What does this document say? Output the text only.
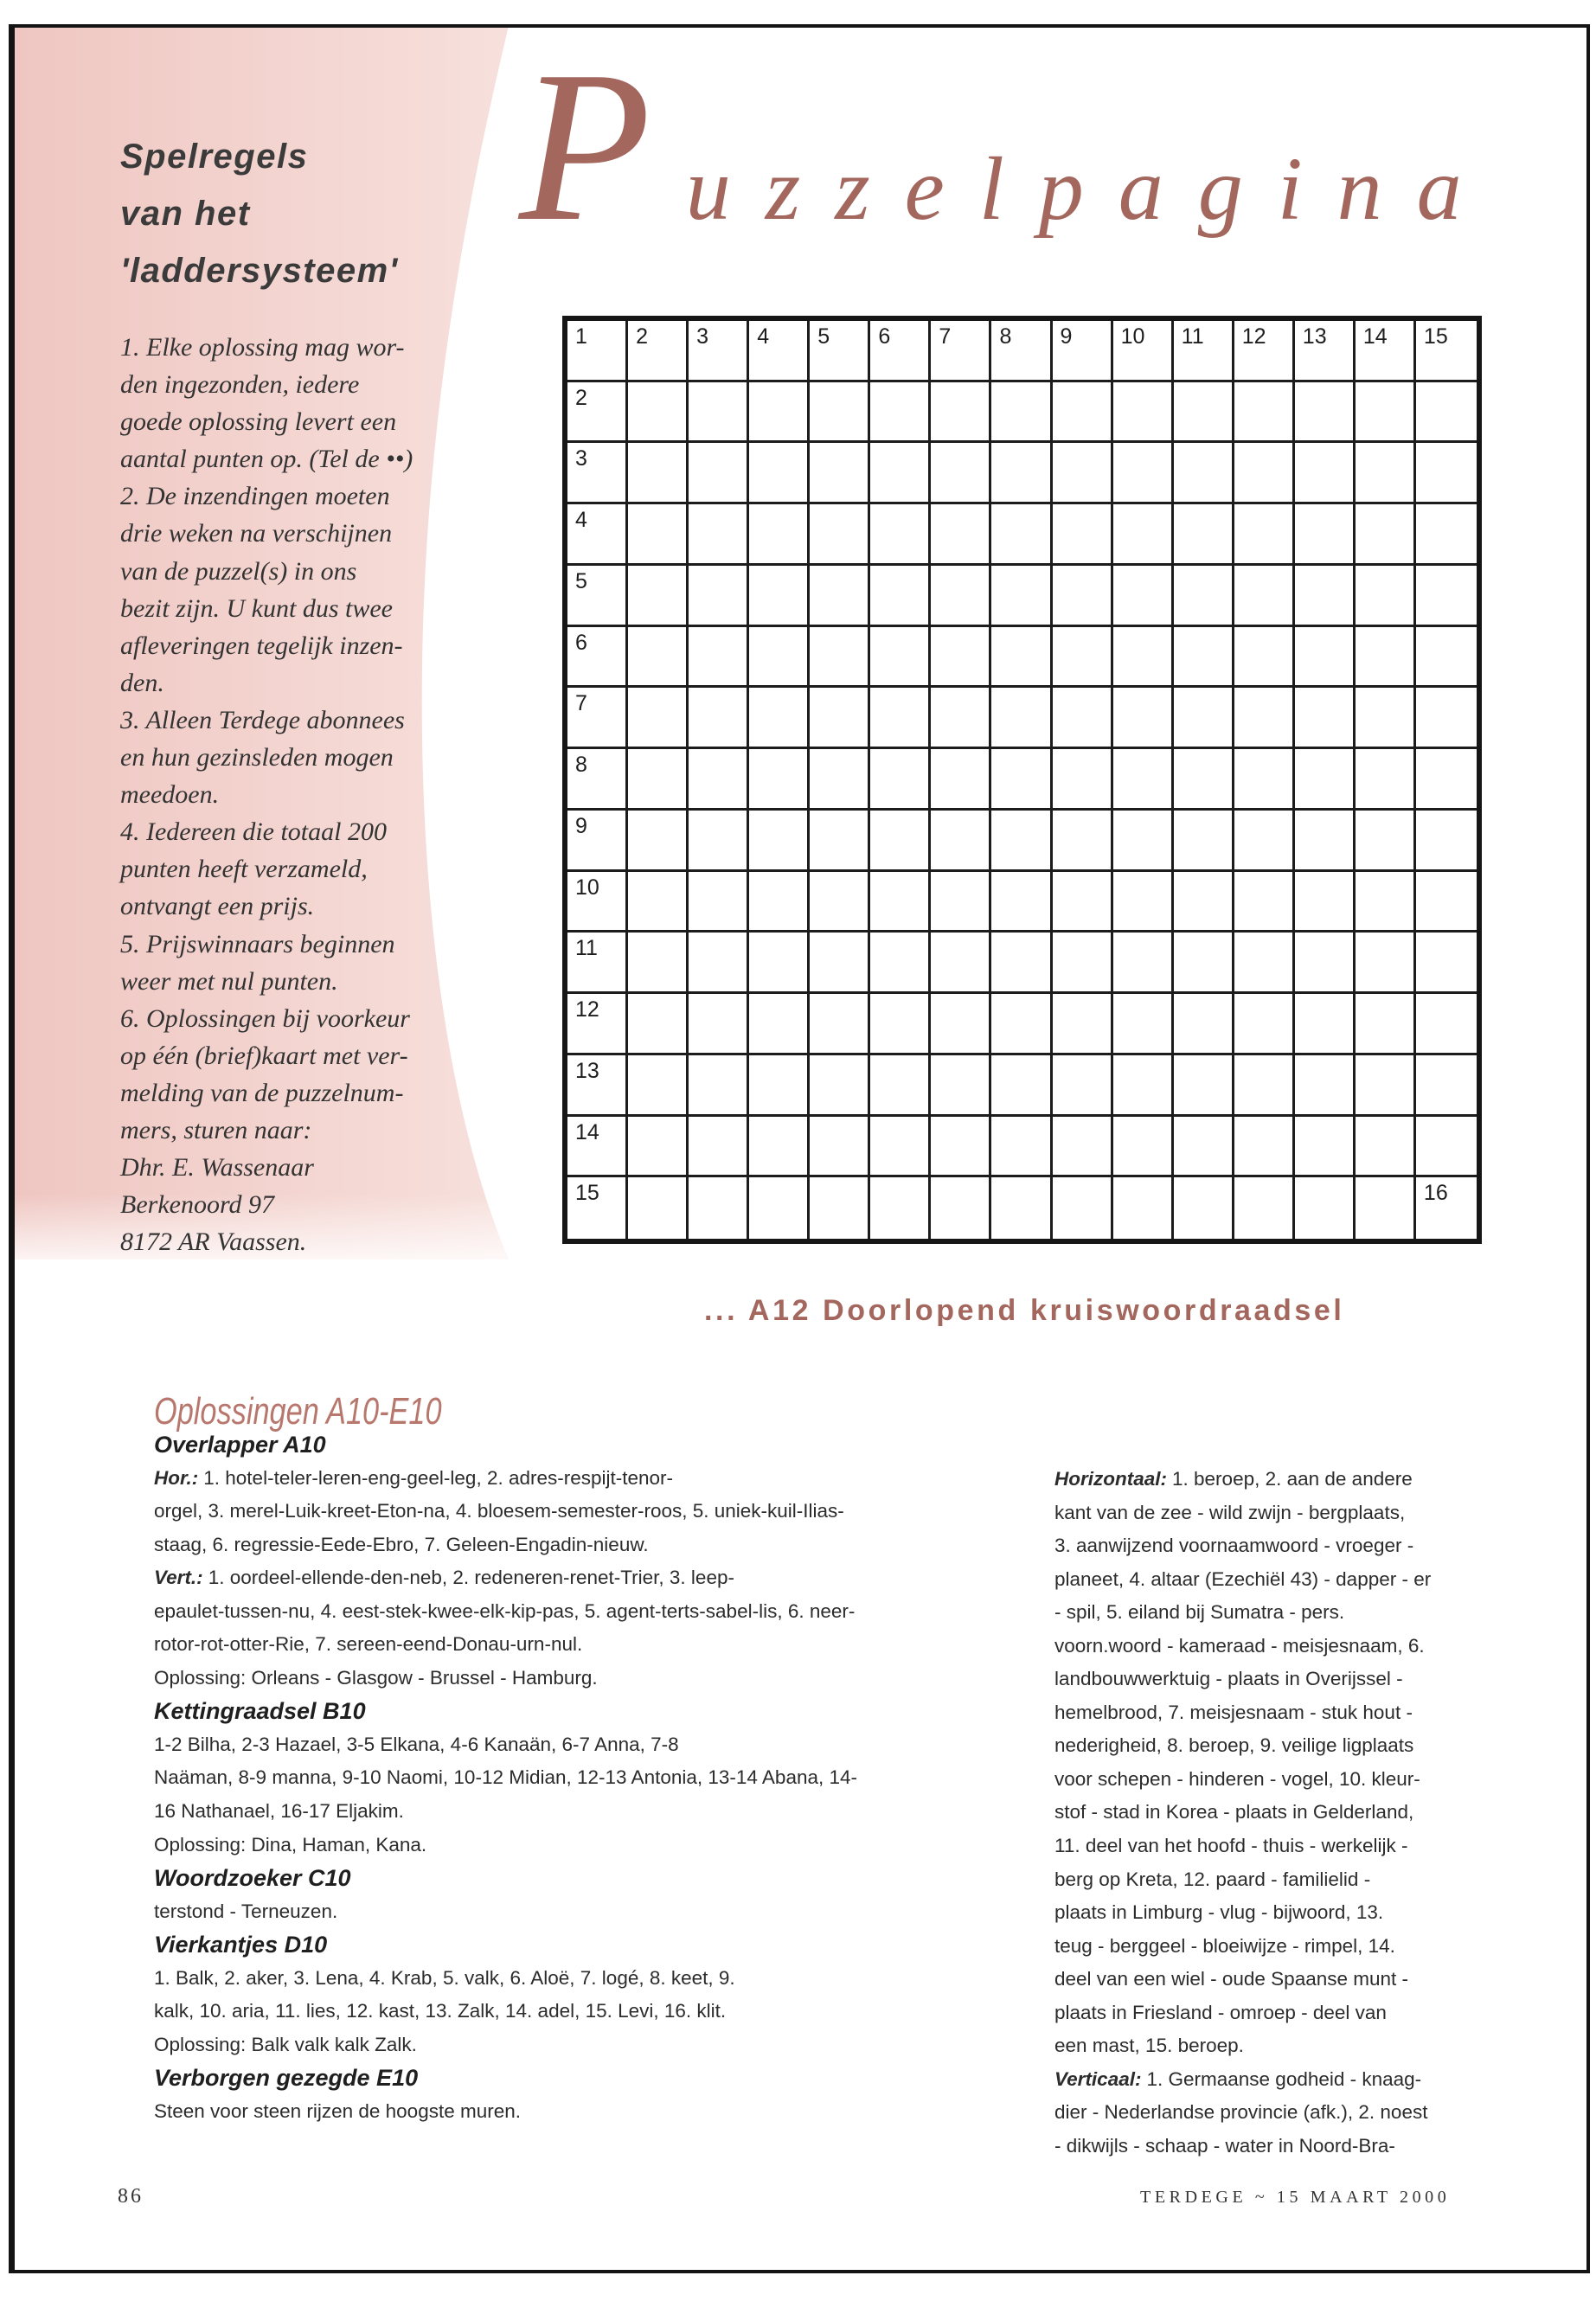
Puzzelpagina
Spelregels
van het
'laddersysteem'
1. Elke oplossing mag wor-
den ingezonden, iedere
goede oplossing levert een
aantal punten op. (Tel de ••)
2. De inzendingen moeten
drie weken na verschijnen
van de puzzel(s) in ons
bezit zijn. U kunt dus twee
afleveringen tegelijk inzen-
den.
3. Alleen Terdege abonnees
en hun gezinsleden mogen
meedoen.
4. Iedereen die totaal 200
punten heeft verzameld,
ontvangt een prijs.
5. Prijswinnaars beginnen
weer met nul punten.
6. Oplossingen bij voorkeur
op één (brief)kaart met ver-
melding van de puzzelnum-
mers, sturen naar:
Dhr. E. Wassenaar
Berkenoord 97
8172 AR Vaassen.
1 2 3 4 5 6 7 8 9 10 11 12 13 14 15
2
3
4
5
6
7
8
9
10
11
12
13
14
15	16
... A12 Doorlopend kruiswoordraadsel
Oplossingen A10-E10
Overlapper A10
Hor.: 1. hotel-teler-leren-eng-geel-leg, 2. adres-respijt-tenor-
orgel, 3. merel-Luik-kreet-Eton-na, 4. bloesem-semester-roos, 5. uniek-kuil-Ilias-
staag, 6. regressie-Eede-Ebro, 7. Geleen-Engadin-nieuw.
Vert.: 1. oordeel-ellende-den-neb, 2. redeneren-renet-Trier, 3. leep-
epaulet-tussen-nu, 4. eest-stek-kwee-elk-kip-pas, 5. agent-terts-sabel-lis, 6. neer-
rotor-rot-otter-Rie, 7. sereen-eend-Donau-urn-nul.
Oplossing: Orleans - Glasgow - Brussel - Hamburg.
Kettingraadsel B10
1-2 Bilha, 2-3 Hazael, 3-5 Elkana, 4-6 Kanaän, 6-7 Anna, 7-8
Naäman, 8-9 manna, 9-10 Naomi, 10-12 Midian, 12-13 Antonia, 13-14 Abana, 14-
16 Nathanael, 16-17 Eljakim.
Oplossing: Dina, Haman, Kana.
Woordzoeker C10
terstond - Terneuzen.
Vierkantjes D10
1. Balk, 2. aker, 3. Lena, 4. Krab, 5. valk, 6. Aloë, 7. logé, 8. keet, 9.
kalk, 10. aria, 11. lies, 12. kast, 13. Zalk, 14. adel, 15. Levi, 16. klit.
Oplossing: Balk valk kalk Zalk.
Verborgen gezegde E10
Steen voor steen rijzen de hoogste muren.
Horizontaal: 1. beroep, 2. aan de andere
kant van de zee - wild zwijn - bergplaats,
3. aanwijzend voornaamwoord - vroeger -
planeet, 4. altaar (Ezechiël 43) - dapper - er
- spil, 5. eiland bij Sumatra - pers.
voorn.woord - kameraad - meisjesnaam, 6.
landbouwwerktuig - plaats in Overijssel -
hemelbrood, 7. meisjesnaam - stuk hout -
nederigheid, 8. beroep, 9. veilige ligplaats
voor schepen - hinderen - vogel, 10. kleur-
stof - stad in Korea - plaats in Gelderland,
11. deel van het hoofd - thuis - werkelijk -
berg op Kreta, 12. paard - familielid -
plaats in Limburg - vlug - bijwoord, 13.
teug - berggeel - bloeiwijze - rimpel, 14.
deel van een wiel - oude Spaanse munt -
plaats in Friesland - omroep - deel van
een mast, 15. beroep.
Verticaal: 1. Germaanse godheid - knaag-
dier - Nederlandse provincie (afk.), 2. noest
- dikwijls - schaap - water in Noord-Bra-
86	TERDEGE ~ 15 MAART 2000
